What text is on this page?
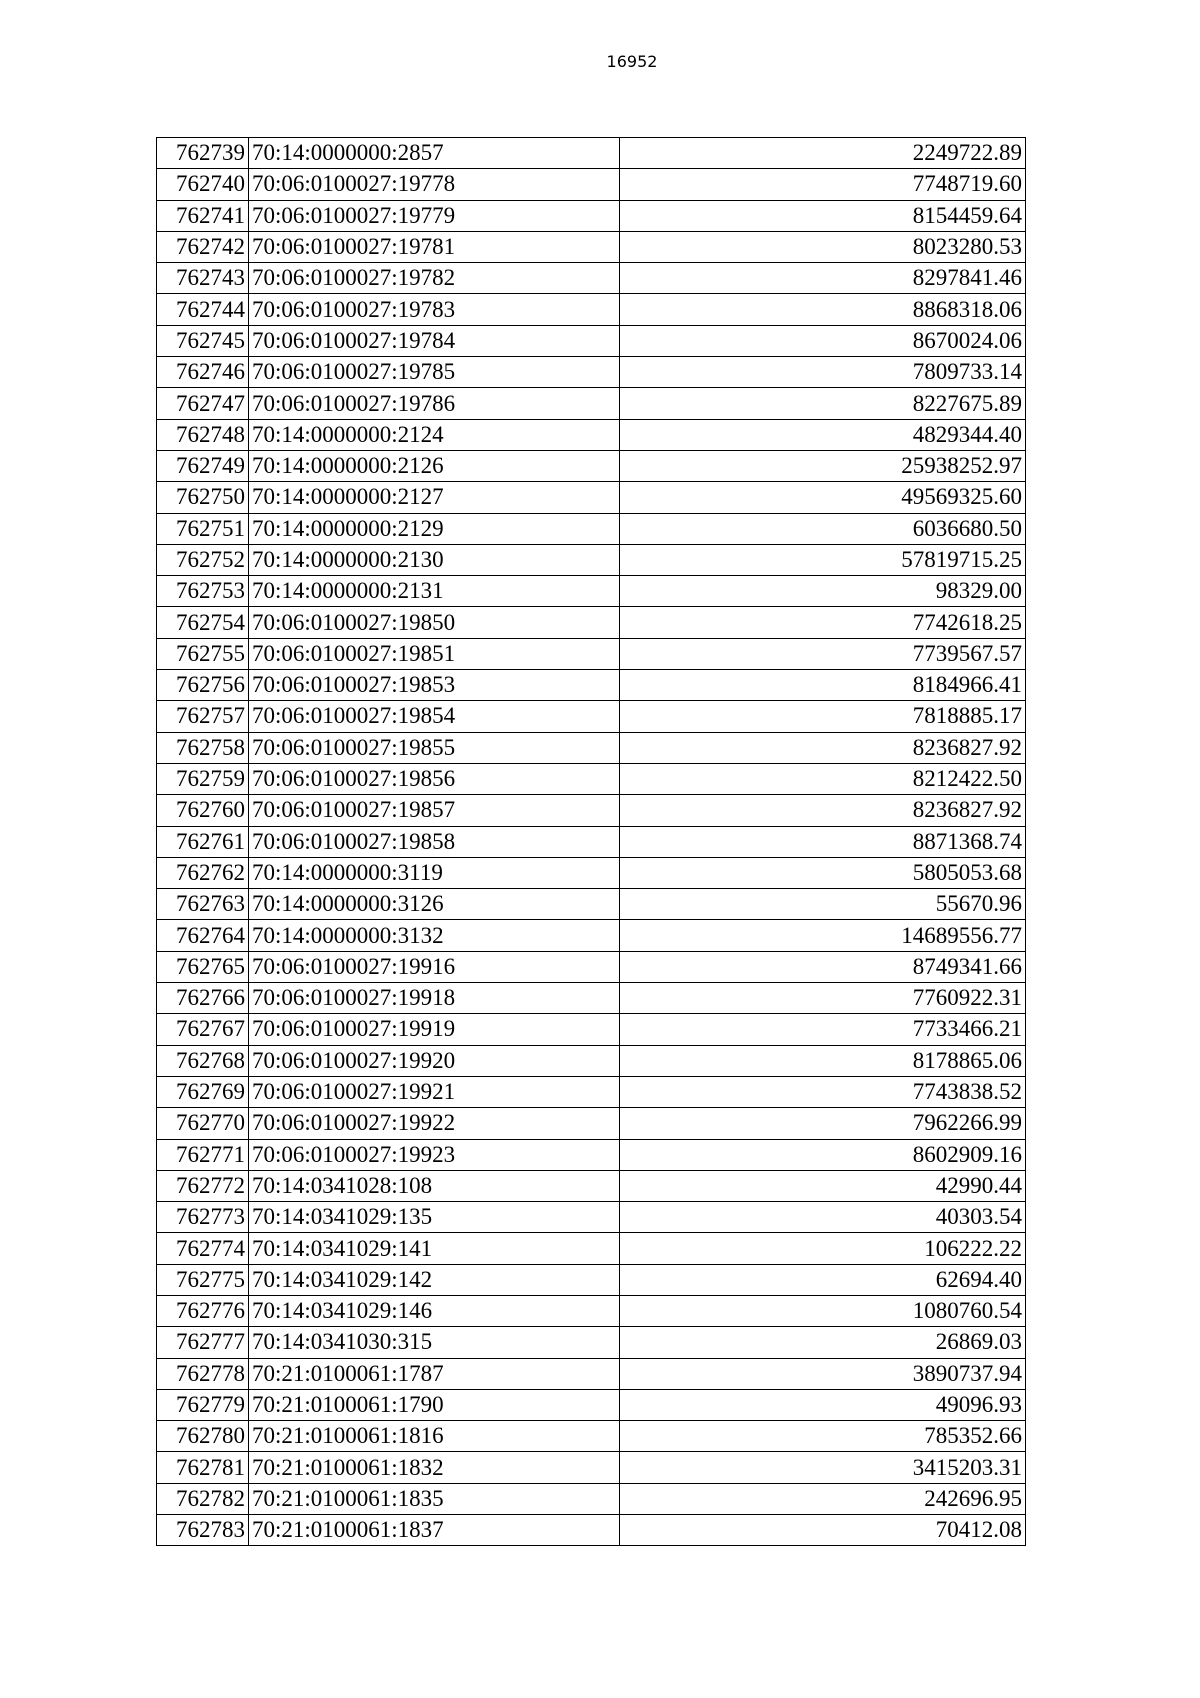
16952
762739	70:14:0000000:2857	2249722.89
762740	70:06:0100027:19778	7748719.60
762741	70:06:0100027:19779	8154459.64
762742	70:06:0100027:19781	8023280.53
762743	70:06:0100027:19782	8297841.46
762744	70:06:0100027:19783	8868318.06
762745	70:06:0100027:19784	8670024.06
762746	70:06:0100027:19785	7809733.14
762747	70:06:0100027:19786	8227675.89
762748	70:14:0000000:2124	4829344.40
762749	70:14:0000000:2126	25938252.97
762750	70:14:0000000:2127	49569325.60
762751	70:14:0000000:2129	6036680.50
762752	70:14:0000000:2130	57819715.25
762753	70:14:0000000:2131	98329.00
762754	70:06:0100027:19850	7742618.25
762755	70:06:0100027:19851	7739567.57
762756	70:06:0100027:19853	8184966.41
762757	70:06:0100027:19854	7818885.17
762758	70:06:0100027:19855	8236827.92
762759	70:06:0100027:19856	8212422.50
762760	70:06:0100027:19857	8236827.92
762761	70:06:0100027:19858	8871368.74
762762	70:14:0000000:3119	5805053.68
762763	70:14:0000000:3126	55670.96
762764	70:14:0000000:3132	14689556.77
762765	70:06:0100027:19916	8749341.66
762766	70:06:0100027:19918	7760922.31
762767	70:06:0100027:19919	7733466.21
762768	70:06:0100027:19920	8178865.06
762769	70:06:0100027:19921	7743838.52
762770	70:06:0100027:19922	7962266.99
762771	70:06:0100027:19923	8602909.16
762772	70:14:0341028:108	42990.44
762773	70:14:0341029:135	40303.54
762774	70:14:0341029:141	106222.22
762775	70:14:0341029:142	62694.40
762776	70:14:0341029:146	1080760.54
762777	70:14:0341030:315	26869.03
762778	70:21:0100061:1787	3890737.94
762779	70:21:0100061:1790	49096.93
762780	70:21:0100061:1816	785352.66
762781	70:21:0100061:1832	3415203.31
762782	70:21:0100061:1835	242696.95
762783	70:21:0100061:1837	70412.08
